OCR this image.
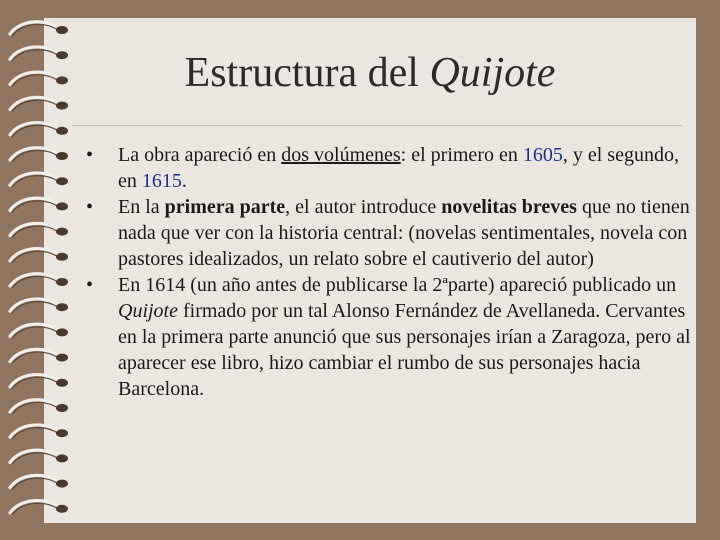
Estructura del Quijote
•	La obra apareció en dos volúmenes: el primero en 1605, y el segundo, en 1615.
•	En la primera parte, el autor introduce novelitas breves que no tienen nada que ver con la historia central: (novelas sentimentales, novela con pastores idealizados, un relato sobre el cautiverio del autor)
•	En 1614 (un año antes de publicarse la 2ªparte) apareció publicado un Quijote firmado por un tal Alonso Fernández de Avellaneda. Cervantes en la primera parte anunció que sus personajes irían a Zaragoza, pero al aparecer ese libro, hizo cambiar el rumbo de sus personajes hacia Barcelona.
